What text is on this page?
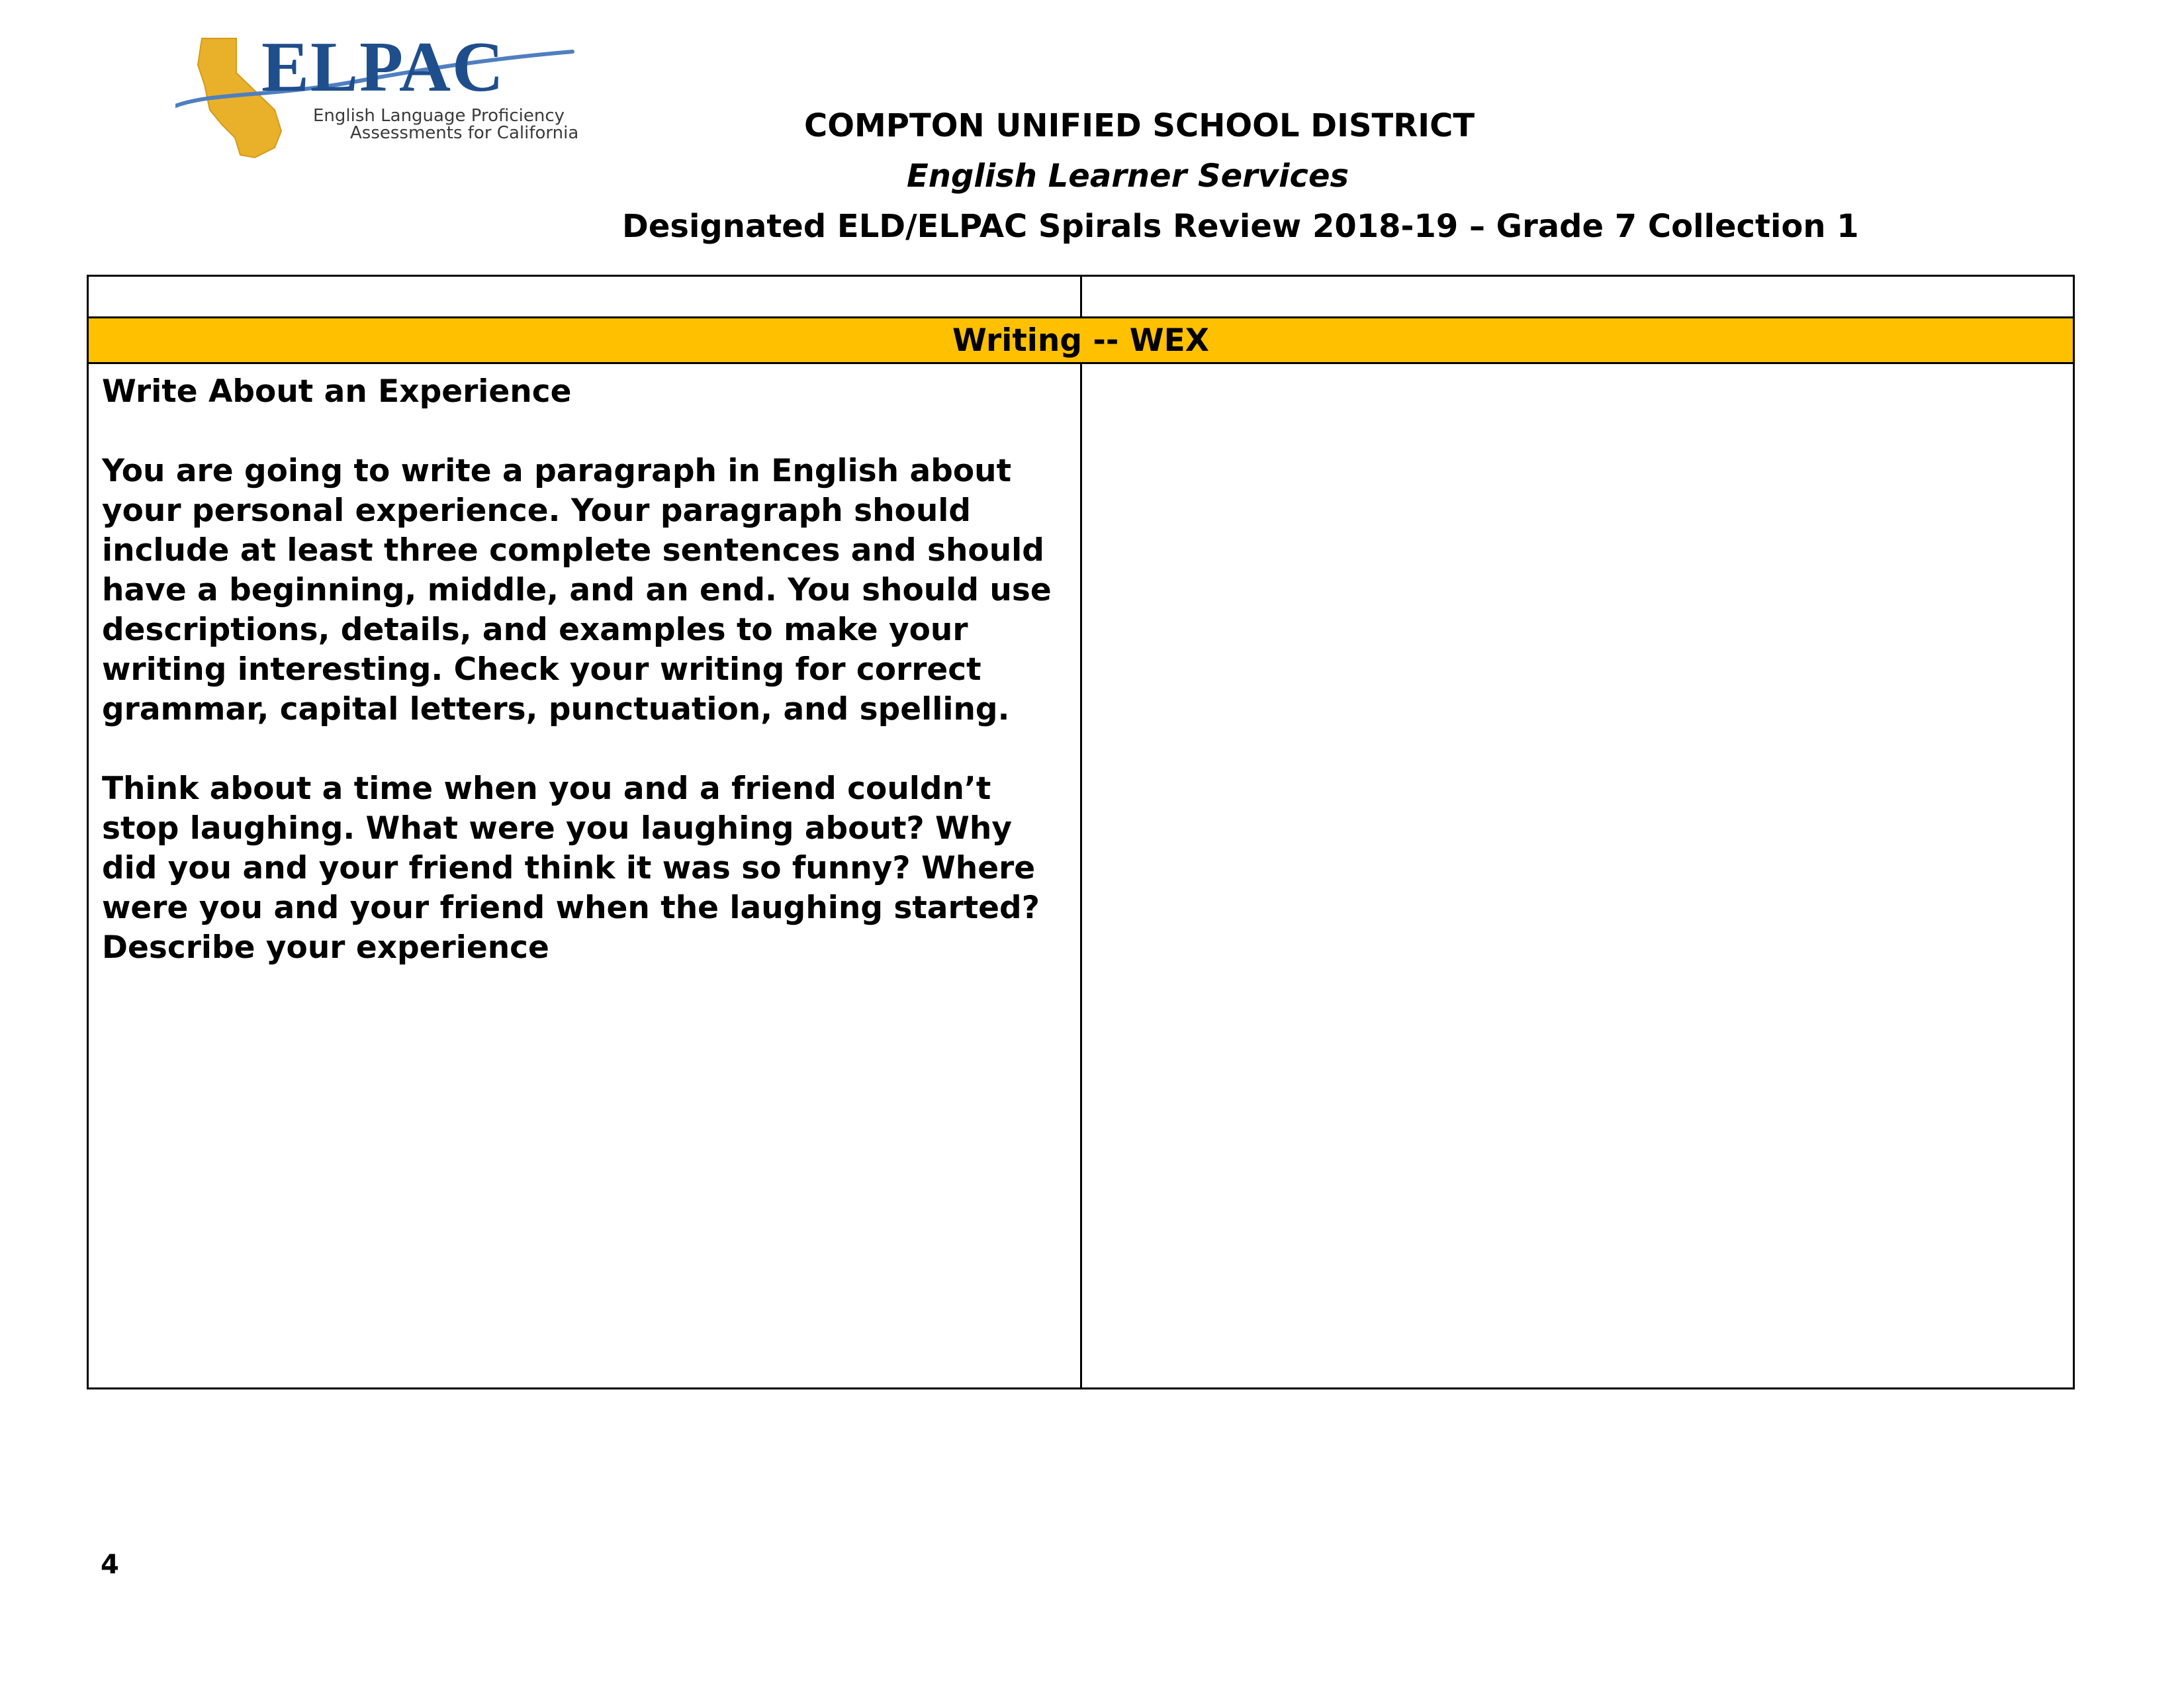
ELPAC
English Language Proficiency
Assessments for California	COMPTON UNIFIED SCHOOL DISTRICT
English Learner Services
Designated ELD/ELPAC Spirals Review 2018-19 – Grade 7 Collection 1

Writing -- WEX	

Write About an Experience

You are going to write a paragraph in English about your personal experience. Your paragraph should include at least three complete sentences and should have a beginning, middle, and an end. You should use descriptions, details, and examples to make your writing interesting. Check your writing for correct grammar, capital letters, punctuation, and spelling.

Think about a time when you and a friend couldn’t stop laughing. What were you laughing about? Why did you and your friend think it was so funny? Where were you and your friend when the laughing started? Describe your experience	

4
